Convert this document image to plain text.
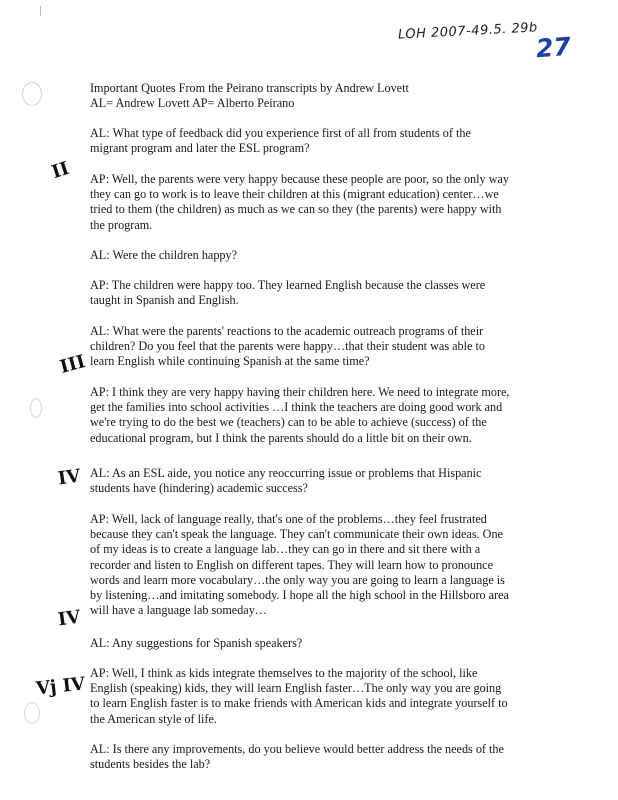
LOH 2007-49.5. 29b
27
II
III
IV
IV
Vj IV
Important Quotes From the Peirano transcripts by Andrew Lovett
AL= Andrew Lovett AP= Alberto Peirano
AL: What type of feedback did you experience first of all from students of the migrant program and later the ESL program?
AP: Well, the parents were very happy because these people are poor, so the only way they can go to work is to leave their children at this (migrant education) center…we tried to them (the children) as much as we can so they (the parents) were happy with the program.
AL: Were the children happy?
AP: The children were happy too. They learned English because the classes were taught in Spanish and English.
AL: What were the parents' reactions to the academic outreach programs of their children? Do you feel that the parents were happy…that their student was able to learn English while continuing Spanish at the same time?
AP: I think they are very happy having their children here. We need to integrate more, get the families into school activities …I think the teachers are doing good work and we're trying to do the best we (teachers) can to be able to achieve (success) of the educational program, but I think the parents should do a little bit on their own.
AL: As an ESL aide, you notice any reoccurring issue or problems that Hispanic students have (hindering) academic success?
AP: Well, lack of language really, that's one of the problems…they feel frustrated because they can't speak the language. They can't communicate their own ideas. One of my ideas is to create a language lab…they can go in there and sit there with a recorder and listen to English on different tapes. They will learn how to pronounce words and learn more vocabulary…the only way you are going to learn a language is by listening…and imitating somebody. I hope all the high school in the Hillsboro area will have a language lab someday…
AL: Any suggestions for Spanish speakers?
AP: Well, I think as kids integrate themselves to the majority of the school, like English (speaking) kids, they will learn English faster…The only way you are going to learn English faster is to make friends with American kids and integrate yourself to the American style of life.
AL: Is there any improvements, do you believe would better address the needs of the students besides the lab?
